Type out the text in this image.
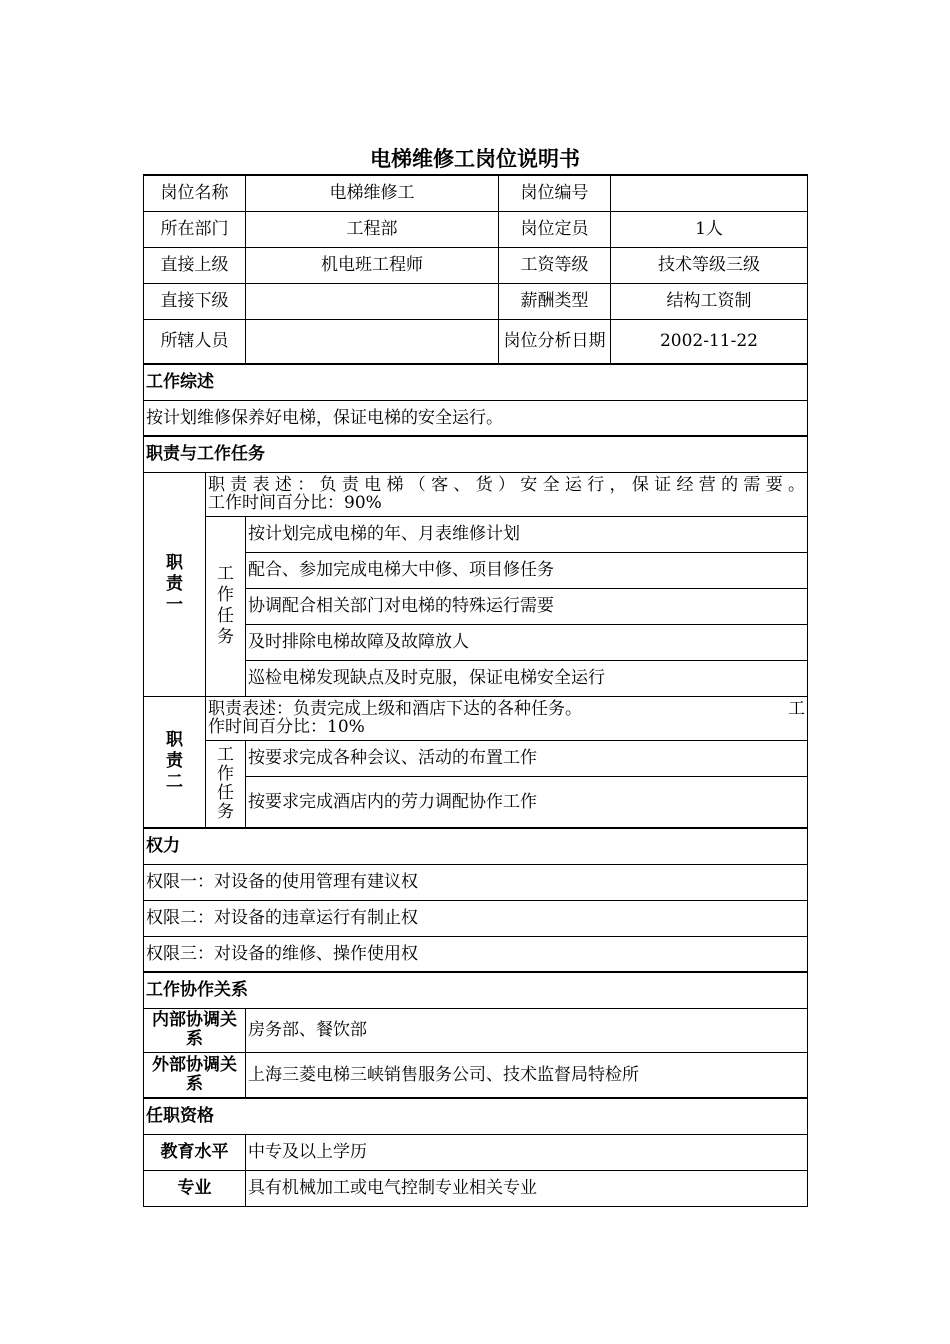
电梯维修工岗位说明书
岗位名称		电梯维修工	岗位编号	
所在部门		工程部	岗位定员	1人
直接上级		机电班工程师	工资等级	技术等级三级
直接下级			薪酬类型	结构工资制
所辖人员			岗位分析日期	2002-11-22
工作综述				
按计划维修保养好电梯，保证电梯的安全运行。				
职责与工作任务				
职责一	职责表述：负责电梯（客、货）安全运行，保证经营的需要。
工作时间百分比：90%			

	工作任务	按计划完成电梯的年、月表维修计划		
		配合、参加完成电梯大中修、项目修任务		
		协调配合相关部门对电梯的特殊运行需要		
		及时排除电梯故障及故障放人		
		巡检电梯发现缺点及时克服，保证电梯安全运行		
职责二	职责表述：负责完成上级和酒店下达的各种任务。 工
作时间百分比：10%			

	工作任务	按要求完成各种会议、活动的布置工作		
		按要求完成酒店内的劳力调配协作工作		
权力				
权限一：对设备的使用管理有建议权				
权限二：对设备的违章运行有制止权				
权限三：对设备的维修、操作使用权				
工作协作关系				
内部协调关系		房务部、餐饮部		
外部协调关系		上海三菱电梯三峡销售服务公司、技术监督局特检所		
任职资格				
教育水平		中专及以上学历		
专业		具有机械加工或电气控制专业相关专业		
